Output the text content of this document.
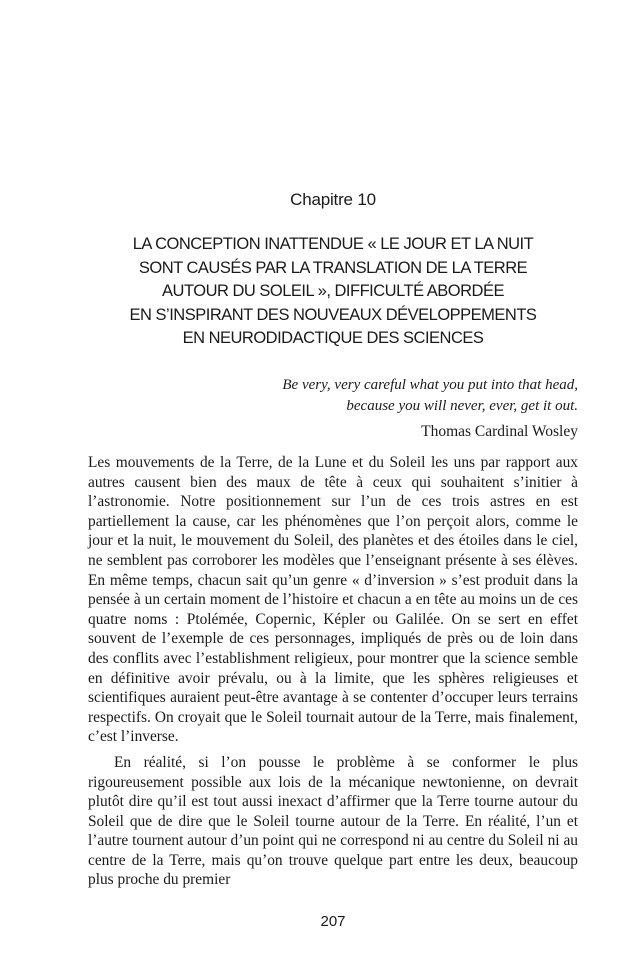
Chapitre 10
LA CONCEPTION INATTENDUE « LE JOUR ET LA NUIT
SONT CAUSÉS PAR LA TRANSLATION DE LA TERRE
AUTOUR DU SOLEIL », DIFFICULTÉ ABORDÉE
EN S’INSPIRANT DES NOUVEAUX DÉVELOPPEMENTS
EN NEURODIDACTIQUE DES SCIENCES
Be very, very careful what you put into that head,
because you will never, ever, get it out.
Thomas Cardinal Wosley

Les mouvements de la Terre, de la Lune et du Soleil les uns par rapport aux autres causent bien des maux de tête à ceux qui souhaitent s’initier à l’astronomie. Notre positionnement sur l’un de ces trois astres en est partiellement la cause, car les phénomènes que l’on perçoit alors, comme le jour et la nuit, le mouvement du Soleil, des planètes et des étoiles dans le ciel, ne semblent pas corroborer les modèles que l’enseignant présente à ses élèves. En même temps, chacun sait qu’un genre « d’inversion » s’est produit dans la pensée à un certain moment de l’histoire et chacun a en tête au moins un de ces quatre noms : Ptolémée, Copernic, Képler ou Galilée. On se sert en effet souvent de l’exemple de ces personnages, impliqués de près ou de loin dans des conflits avec l’establishment religieux, pour montrer que la science semble en définitive avoir prévalu, ou à la limite, que les sphères religieuses et scientifiques auraient peut-être avantage à se contenter d’occuper leurs terrains respectifs. On croyait que le Soleil tournait autour de la Terre, mais finalement, c’est l’inverse.

En réalité, si l’on pousse le problème à se conformer le plus rigoureusement possible aux lois de la mécanique newtonienne, on devrait plutôt dire qu’il est tout aussi inexact d’affirmer que la Terre tourne autour du Soleil que de dire que le Soleil tourne autour de la Terre. En réalité, l’un et l’autre tournent autour d’un point qui ne correspond ni au centre du Soleil ni au centre de la Terre, mais qu’on trouve quelque part entre les deux, beaucoup plus proche du premier

207
